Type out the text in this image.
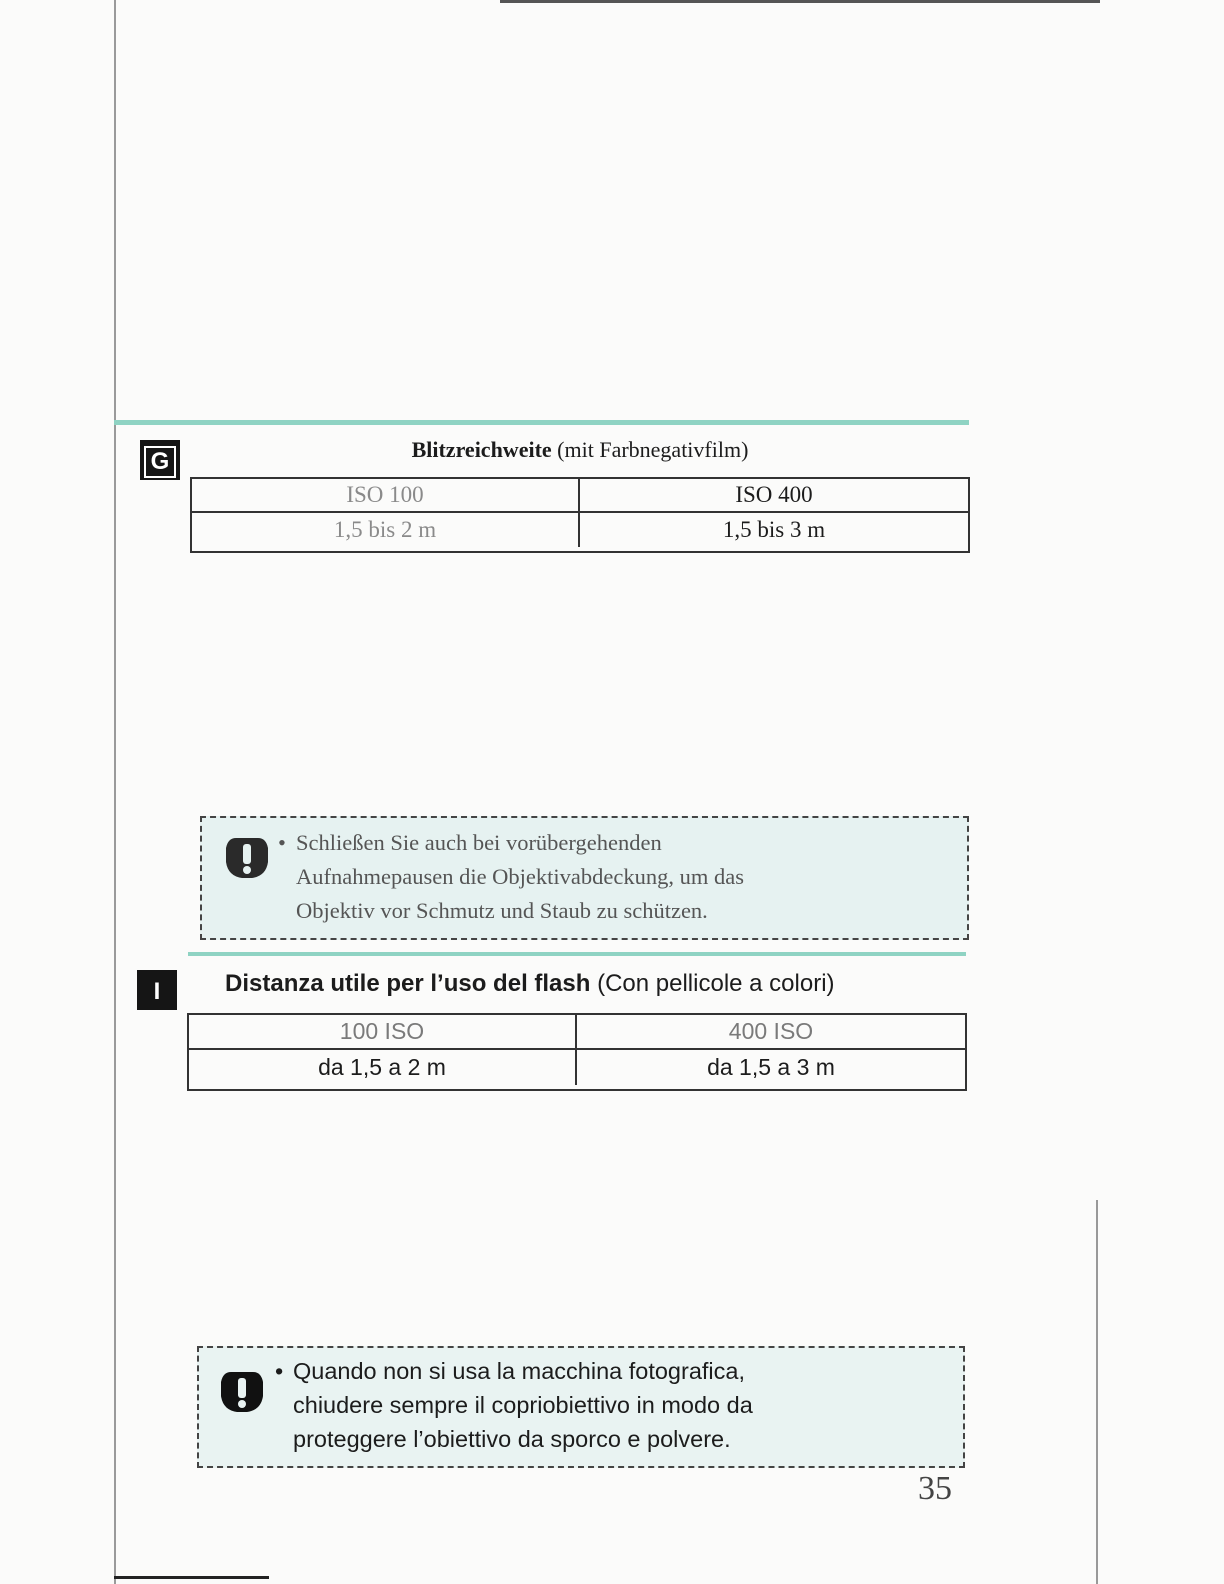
G	Blitzreichweite (mit Farbnegativfilm)
ISO 100	ISO 400
1,5 bis 2 m	1,5 bis 3 m
• Schließen Sie auch bei vorübergehenden
Aufnahmepausen die Objektivabdeckung, um das
Objektiv vor Schmutz und Staub zu schützen.
I	Distanza utile per l’uso del flash (Con pellicole a colori)
100 ISO	400 ISO
da 1,5 a 2 m	da 1,5 a 3 m
• Quando non si usa la macchina fotografica,
chiudere sempre il copriobiettivo in modo da
proteggere l’obiettivo da sporco e polvere.
35
